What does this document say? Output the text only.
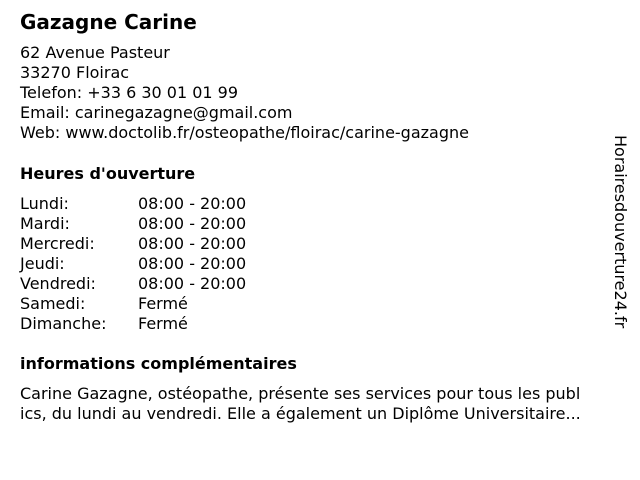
Gazagne Carine
62 Avenue Pasteur
33270 Floirac
Telefon: +33 6 30 01 01 99
Email: carinegazagne@gmail.com
Web: www.doctolib.fr/osteopathe/floirac/carine-gazagne
Heures d'ouverture
Lundi:	08:00 - 20:00
Mardi:	08:00 - 20:00
Mercredi:	08:00 - 20:00
Jeudi:	08:00 - 20:00
Vendredi:	08:00 - 20:00
Samedi:	Fermé
Dimanche: Fermé
informations complémentaires
Carine Gazagne, ostéopathe, présente ses services pour tous les publ
ics, du lundi au vendredi. Elle a également un Diplôme Universitaire...
Horairesdouverture24.fr
